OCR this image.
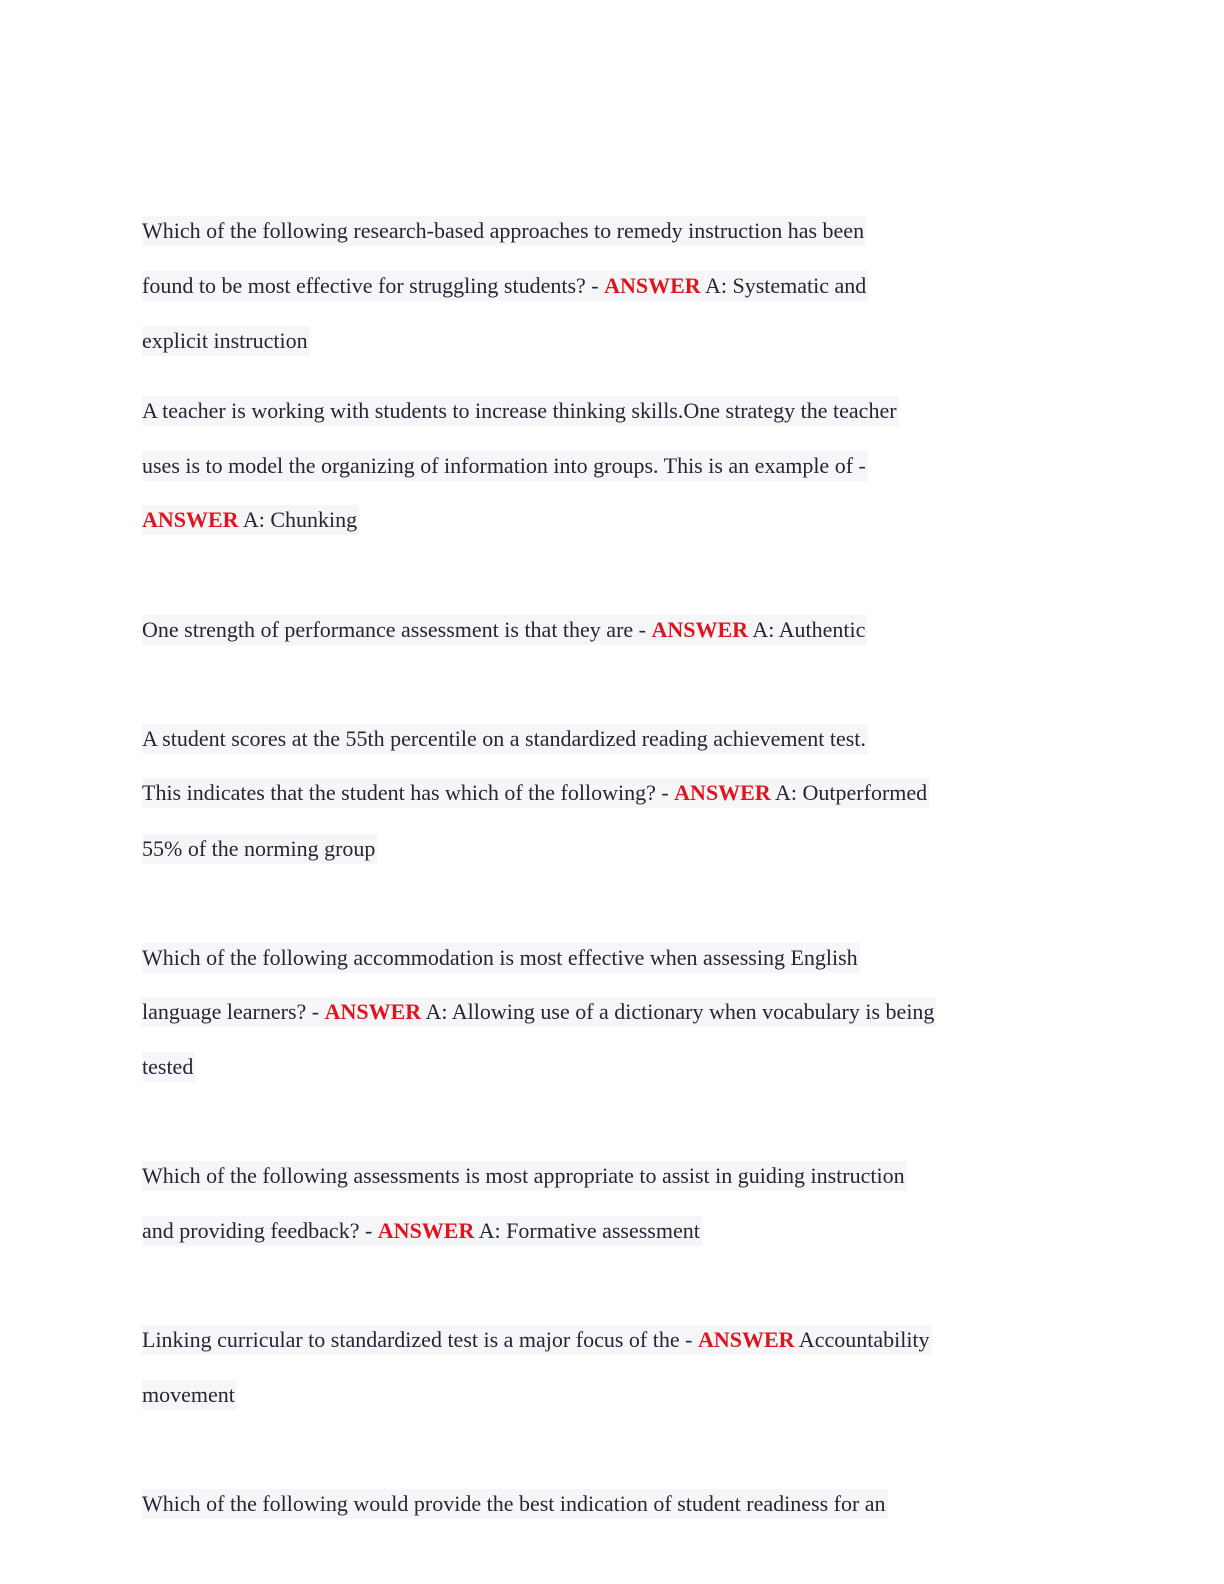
Which of the following research-based approaches to remedy instruction has been
found to be most effective for struggling students? - ANSWER A: Systematic and
explicit instruction
A teacher is working with students to increase thinking skills.One strategy the teacher
uses is to model the organizing of information into groups. This is an example of -
ANSWER A: Chunking
One strength of performance assessment is that they are - ANSWER A: Authentic
A student scores at the 55th percentile on a standardized reading achievement test.
This indicates that the student has which of the following? - ANSWER A: Outperformed
55% of the norming group
Which of the following accommodation is most effective when assessing English
language learners? - ANSWER A: Allowing use of a dictionary when vocabulary is being
tested
Which of the following assessments is most appropriate to assist in guiding instruction
and providing feedback? - ANSWER A: Formative assessment
Linking curricular to standardized test is a major focus of the - ANSWER Accountability
movement
Which of the following would provide the best indication of student readiness for an
